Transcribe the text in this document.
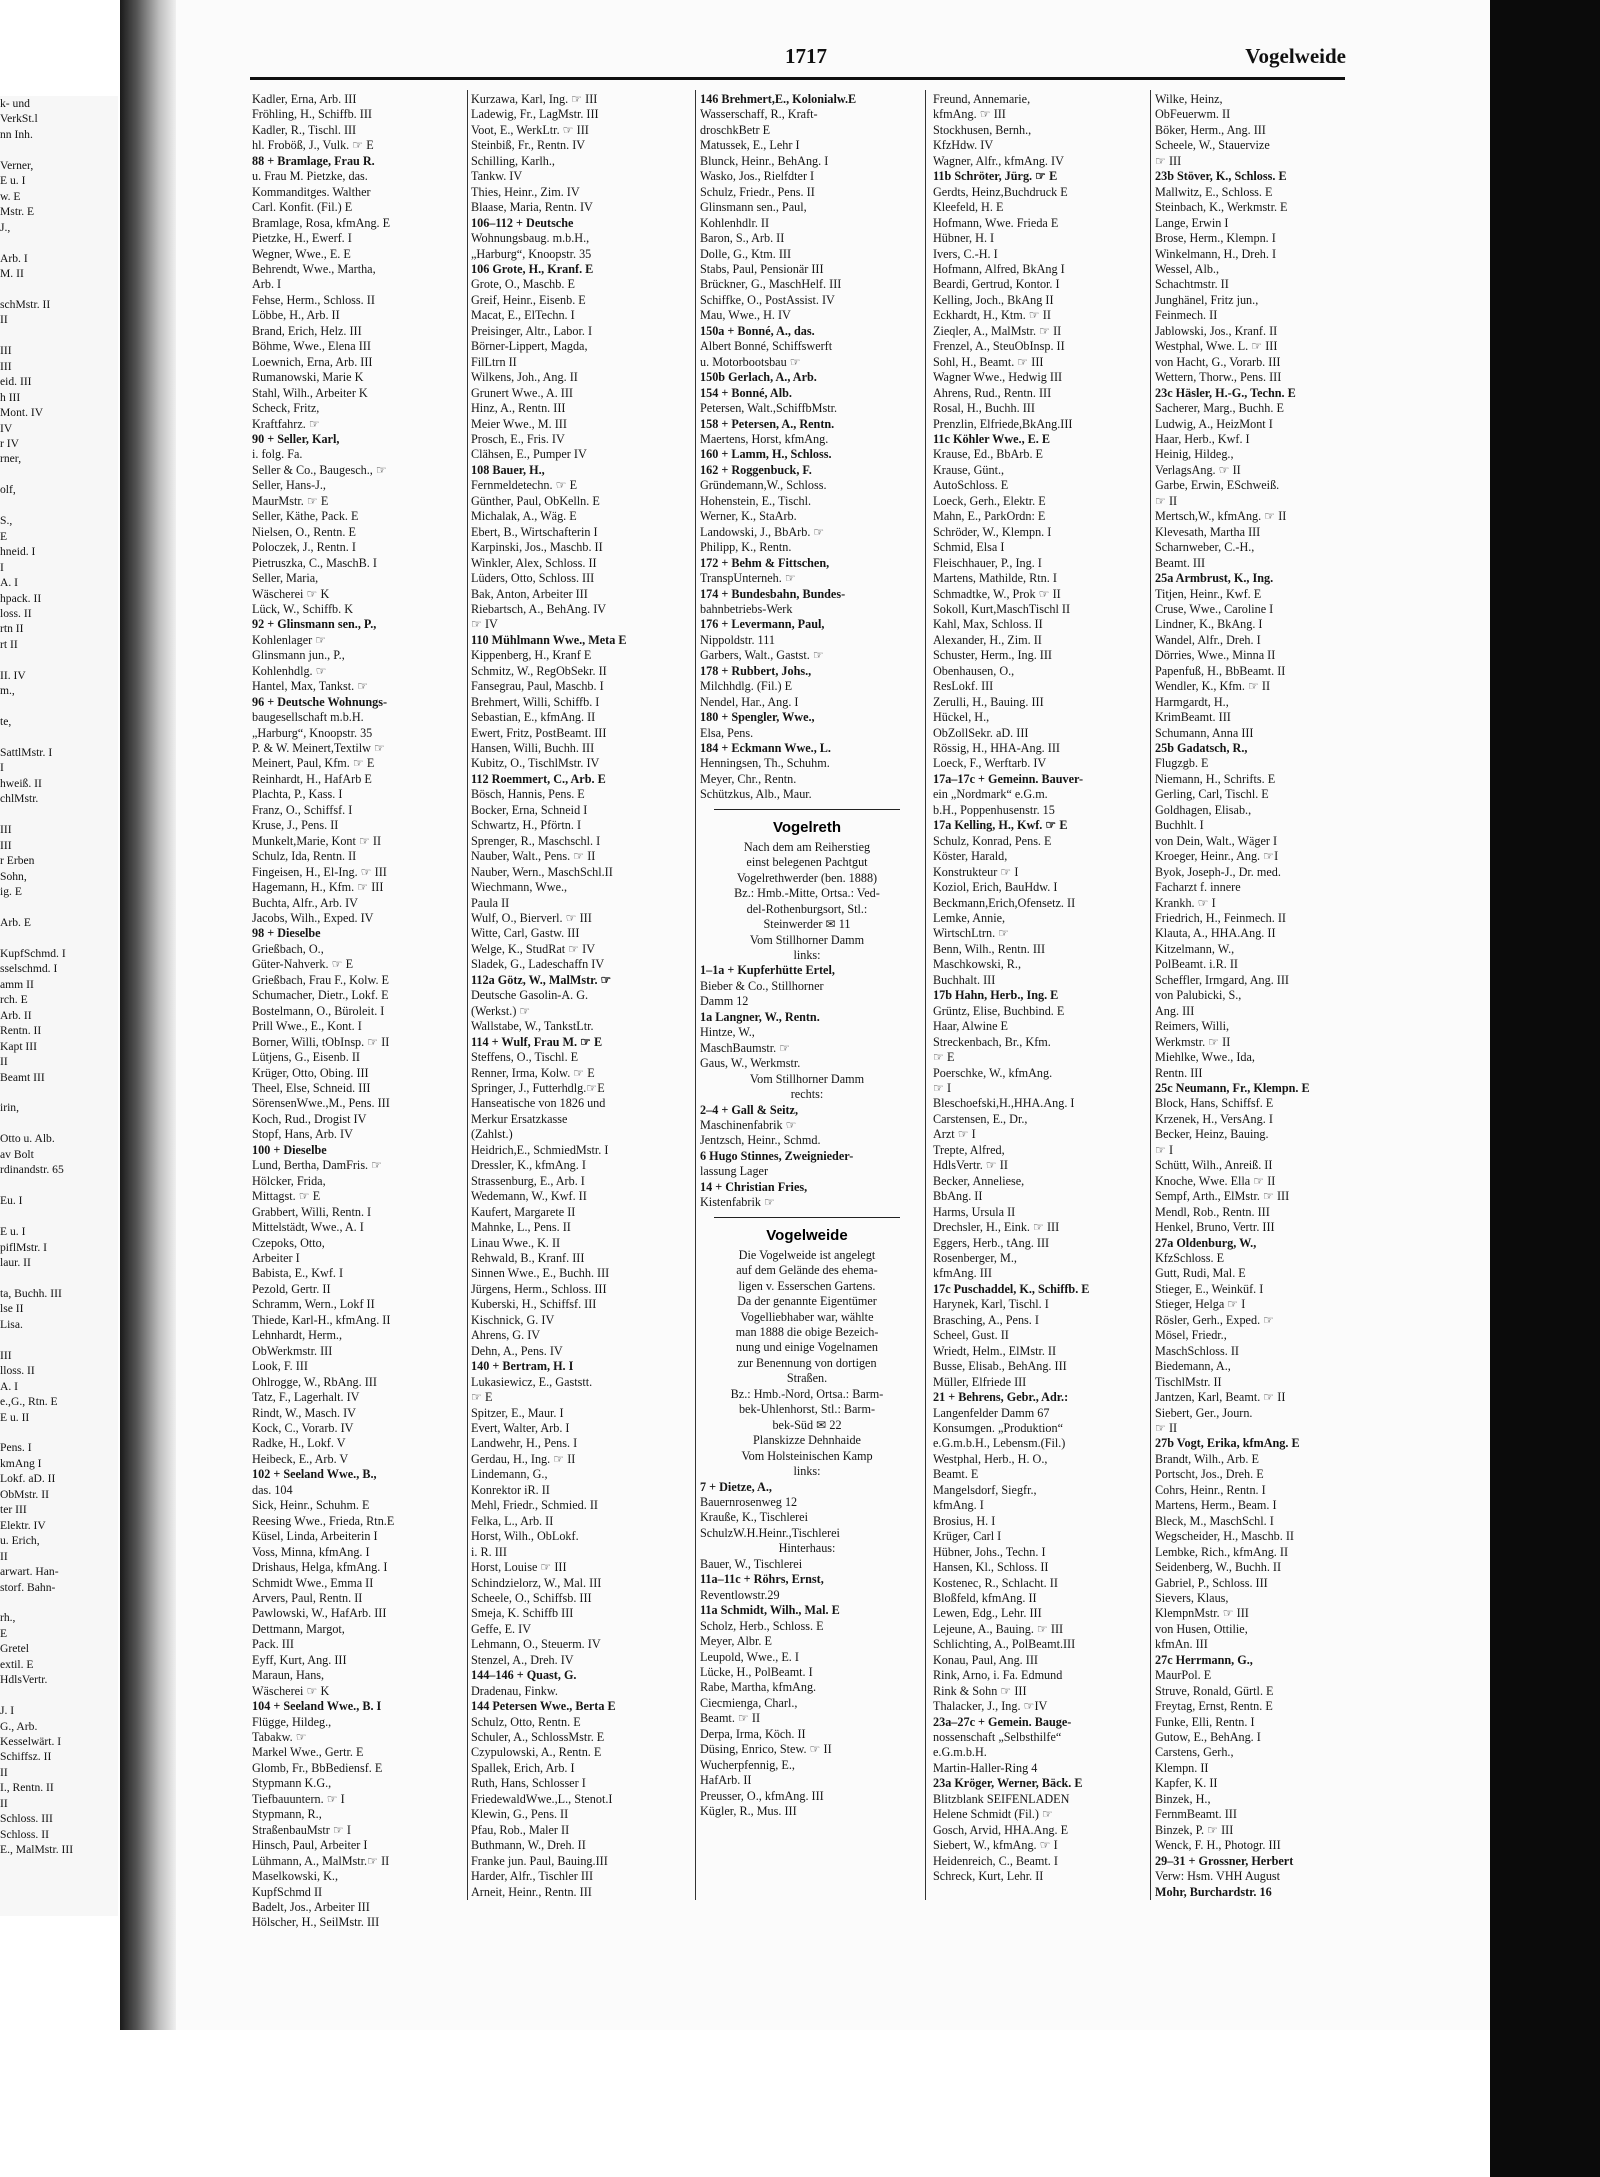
k- und
VerkSt.l
nn Inh.

Verner,
E u. I
w. E
Mstr. E
J.,

Arb. I
M. II

schMstr. II
II

III
III
eid. III
h III
Mont. IV
IV
r IV
rner,

olf,

S.,
E
hneid. I
I
A. I
hpack. II
loss. II
rtn II
rt II

II. IV
m.,

te,

SattlMstr. I
I
hweiß. II
chlMstr.

III
III
r Erben
Sohn,
ig. E

Arb. E

KupfSchmd. I
sselschmd. I
amm II
rch. E
Arb. II
Rentn. II
Kapt III
II
Beamt III

irin,

Otto u. Alb.
av Bolt
rdinandstr. 65

Eu. I

E u. I
piflMstr. I
laur. II

ta, Buchh. III
lse II
Lisa.

III
lloss. II
A. I
e.,G., Rtn. E
E u. II

Pens. I
kmAng I
Lokf. aD. II
ObMstr. II
ter III
Elektr. IV
u. Erich,
II
arwart. Han-
storf. Bahn-

rh.,
E
Gretel
extil. E
HdlsVertr.

J. I
G., Arb.
Kesselwärt. I
Schiffsz. II
II
I., Rentn. II
II
Schloss. III
Schloss. II
E., MalMstr. III
1717	Vogelweide
Kadler, Erna, Arb. III
Fröhling, H., Schiffb. III
Kadler, R., Tischl. III
hl. Froböß, J., Vulk. ☞ E
88 + Bramlage, Frau R.
u. Frau M. Pietzke, das.
Kommanditges. Walther
Carl. Konfit. (Fil.) E
Bramlage, Rosa, kfmAng. E
Pietzke, H., Ewerf. I
Wegner, Wwe., E. E
Behrendt, Wwe., Martha,
Arb. I
Fehse, Herm., Schloss. II
Löbbe, H., Arb. II
Brand, Erich, Helz. III
Böhme, Wwe., Elena III
Loewnich, Erna, Arb. III
Rumanowski, Marie K
Stahl, Wilh., Arbeiter K
Scheck, Fritz,
Kraftfahrz. ☞
90 + Seller, Karl,
i. folg. Fa.
Seller & Co., Baugesch., ☞
Seller, Hans-J.,
MaurMstr. ☞ E
Seller, Käthe, Pack. E
Nielsen, O., Rentn. E
Poloczek, J., Rentn. I
Pietruszka, C., MaschB. I
Seller, Maria,
Wäscherei ☞ K
Lück, W., Schiffb. K
92 + Glinsmann sen., P.,
Kohlenlager ☞
Glinsmann jun., P.,
Kohlenhdlg. ☞
Hantel, Max, Tankst. ☞
96 + Deutsche Wohnungs-
baugesellschaft m.b.H.
„Harburg“, Knoopstr. 35
P. & W. Meinert,Textilw ☞
Meinert, Paul, Kfm. ☞ E
Reinhardt, H., HafArb E
Plachta, P., Kass. I
Franz, O., Schiffsf. I
Kruse, J., Pens. II
Munkelt,Marie, Kont ☞ II
Schulz, Ida, Rentn. II
Fingeisen, H., El-Ing. ☞ III
Hagemann, H., Kfm. ☞ III
Buchta, Alfr., Arb. IV
Jacobs, Wilh., Exped. IV
98 + Dieselbe
Grießbach, O.,
Güter-Nahverk. ☞ E
Grießbach, Frau F., Kolw. E
Schumacher, Dietr., Lokf. E
Bostelmann, O., Büroleit. I
Prill Wwe., E., Kont. I
Borner, Willi, tObInsp. ☞ II
Lütjens, G., Eisenb. II
Krüger, Otto, Obing. III
Theel, Else, Schneid. III
SörensenWwe.,M., Pens. III
Koch, Rud., Drogist IV
Stopf, Hans, Arb. IV
100 + Dieselbe
Lund, Bertha, DamFris. ☞
Hölcker, Frida,
Mittagst. ☞ E
Grabbert, Willi, Rentn. I
Mittelstädt, Wwe., A. I
Czepoks, Otto,
Arbeiter I
Babista, E., Kwf. I
Pezold, Gertr. II
Schramm, Wern., Lokf II
Thiede, Karl-H., kfmAng. II
Lehnhardt, Herm.,
ObWerkmstr. III
Look, F. III
Ohlrogge, W., RbAng. III
Tatz, F., Lagerhalt. IV
Rindt, W., Masch. IV
Kock, C., Vorarb. IV
Radke, H., Lokf. V
Heibeck, E., Arb. V
102 + Seeland Wwe., B.,
das. 104
Sick, Heinr., Schuhm. E
Reesing Wwe., Frieda, Rtn.E
Küsel, Linda, Arbeiterin I
Voss, Minna, kfmAng. I
Drishaus, Helga, kfmAng. I
Schmidt Wwe., Emma II
Arvers, Paul, Rentn. II
Pawlowski, W., HafArb. III
Dettmann, Margot,
Pack. III
Eyff, Kurt, Ang. III
Maraun, Hans,
Wäscherei ☞ K
104 + Seeland Wwe., B. I
Flügge, Hildeg.,
Tabakw. ☞
Markel Wwe., Gertr. E
Glomb, Fr., BbBediensf. E
Stypmann K.G.,
Tiefbauuntern. ☞ I
Stypmann, R.,
StraßenbauMstr ☞ I
Hinsch, Paul, Arbeiter I
Lühmann, A., MalMstr.☞ II
Maselkowski, K.,
KupfSchmd II
Badelt, Jos., Arbeiter III
Hölscher, H., SeilMstr. III
Kurzawa, Karl, Ing. ☞ III
Ladewig, Fr., LagMstr. III
Voot, E., WerkLtr. ☞ III
Steinbiß, Fr., Rentn. IV
Schilling, Karlh.,
Tankw. IV
Thies, Heinr., Zim. IV
Blaase, Maria, Rentn. IV
106–112 + Deutsche
Wohnungsbaug. m.b.H.,
„Harburg“, Knoopstr. 35
106 Grote, H., Kranf. E
Grote, O., Maschb. E
Greif, Heinr., Eisenb. E
Macat, E., ElTechn. I
Preisinger, Altr., Labor. I
Börner-Lippert, Magda,
FilLtrn II
Wilkens, Joh., Ang. II
Grunert Wwe., A. III
Hinz, A., Rentn. III
Meier Wwe., M. III
Prosch, E., Fris. IV
Clähsen, E., Pumper IV
108 Bauer, H.,
Fernmeldetechn. ☞ E
Günther, Paul, ObKelln. E
Michalak, A., Wäg. E
Ebert, B., Wirtschafterin I
Karpinski, Jos., Maschb. II
Winkler, Alex, Schloss. II
Lüders, Otto, Schloss. III
Bak, Anton, Arbeiter III
Riebartsch, A., BehAng. IV
☞ IV
110 Mühlmann Wwe., Meta E
Kippenberg, H., Kranf E
Schmitz, W., RegObSekr. II
Fansegrau, Paul, Maschb. I
Brehmert, Willi, Schiffb. I
Sebastian, E., kfmAng. II
Ewert, Fritz, PostBeamt. III
Hansen, Willi, Buchh. III
Kubitz, O., TischlMstr. IV
112 Roemmert, C., Arb. E
Bösch, Hannis, Pens. E
Bocker, Erna, Schneid I
Schwartz, H., Pförtn. I
Sprenger, R., Maschschl. I
Nauber, Walt., Pens. ☞ II
Nauber, Wern., MaschSchl.II
Wiechmann, Wwe.,
Paula II
Wulf, O., Bierverl. ☞ III
Witte, Carl, Gastw. III
Welge, K., StudRat ☞ IV
Sladek, G., Ladeschaffn IV
112a Götz, W., MalMstr. ☞
Deutsche Gasolin-A. G.
(Werkst.) ☞
Wallstabe, W., TankstLtr.
114 + Wulf, Frau M. ☞ E
Steffens, O., Tischl. E
Renner, Irma, Kolw. ☞ E
Springer, J., Futterhdlg.☞E
Hanseatische von 1826 und
Merkur Ersatzkasse
(Zahlst.)
Heidrich,E., SchmiedMstr. I
Dressler, K., kfmAng. I
Strassenburg, E., Arb. I
Wedemann, W., Kwf. II
Kaufert, Margarete II
Mahnke, L., Pens. II
Linau Wwe., K. II
Rehwald, B., Kranf. III
Sinnen Wwe., E., Buchh. III
Jürgens, Herm., Schloss. III
Kuberski, H., Schiffsf. III
Kischnick, G. IV
Ahrens, G. IV
Dehn, A., Pens. IV
140 + Bertram, H. I
Lukasiewicz, E., Gaststt.
☞ E
Spitzer, E., Maur. I
Evert, Walter, Arb. I
Landwehr, H., Pens. I
Gerdau, H., Ing. ☞ II
Lindemann, G.,
Konrektor iR. II
Mehl, Friedr., Schmied. II
Felka, L., Arb. II
Horst, Wilh., ObLokf.
i. R. III
Horst, Louise ☞ III
Schindzielorz, W., Mal. III
Scheele, O., Schiffsb. III
Smeja, K. Schiffb III
Geffe, E. IV
Lehmann, O., Steuerm. IV
Stenzel, A., Dreh. IV
144–146 + Quast, G.
Dradenau, Finkw.
144 Petersen Wwe., Berta E
Schulz, Otto, Rentn. E
Schuler, A., SchlossMstr. E
Czypulowski, A., Rentn. E
Spallek, Erich, Arb. I
Ruth, Hans, Schlosser I
FriedewaldWwe.,L., Stenot.I
Klewin, G., Pens. II
Pfau, Rob., Maler II
Buthmann, W., Dreh. II
Franke jun. Paul, Bauing.III
Harder, Alfr., Tischler III
Arneit, Heinr., Rentn. III
146 Brehmert,E., Kolonialw.E
Wasserschaff, R., Kraft-
droschkBetr E
Matussek, E., Lehr I
Blunck, Heinr., BehAng. I
Wasko, Jos., Rielfdter I
Schulz, Friedr., Pens. II
Glinsmann sen., Paul,
Kohlenhdlr. II
Baron, S., Arb. II
Dolle, G., Ktm. III
Stabs, Paul, Pensionär III
Brückner, G., MaschHelf. III
Schiffke, O., PostAssist. IV
Mau, Wwe., H. IV
150a + Bonné, A., das.
Albert Bonné, Schiffswerft
u. Motorbootsbau ☞
150b Gerlach, A., Arb.
154 + Bonné, Alb.
Petersen, Walt.,SchiffbMstr.
158 + Petersen, A., Rentn.
Maertens, Horst, kfmAng.
160 + Lamm, H., Schloss.
162 + Roggenbuck, F.
Gründemann,W., Schloss.
Hohenstein, E., Tischl.
Werner, K., StaArb.
Landowski, J., BbArb. ☞
Philipp, K., Rentn.
172 + Behm & Fittschen,
TranspUnterneh. ☞
174 + Bundesbahn, Bundes-
bahnbetriebs-Werk
176 + Levermann, Paul,
Nippoldstr. 111
Garbers, Walt., Gastst. ☞
178 + Rubbert, Johs.,
Milchhdlg. (Fil.) E
Nendel, Har., Ang. I
180 + Spengler, Wwe.,
Elsa, Pens.
184 + Eckmann Wwe., L.
Henningsen, Th., Schuhm.
Meyer, Chr., Rentn.
Schützkus, Alb., Maur.
Vogelreth
Nach dem am Reiherstieg
einst belegenen Pachtgut
Vogelrethwerder (ben. 1888)
Bz.: Hmb.-Mitte, Ortsa.: Ved-
del-Rothenburgsort, Stl.:
Steinwerder ✉ 11
Vom Stillhorner Damm
links:
1–1a + Kupferhütte Ertel,
Bieber & Co., Stillhorner
Damm 12
1a Langner, W., Rentn.
Hintze, W.,
MaschBaumstr. ☞
Gaus, W., Werkmstr.
Vom Stillhorner Damm
rechts:
2–4 + Gall & Seitz,
Maschinenfabrik ☞
Jentzsch, Heinr., Schmd.
6 Hugo Stinnes, Zweignieder-
lassung Lager
14 + Christian Fries,
Kistenfabrik ☞
Vogelweide
Die Vogelweide ist angelegt
auf dem Gelände des ehema-
ligen v. Esserschen Gartens.
Da der genannte Eigentümer
Vogelliebhaber war, wählte
man 1888 die obige Bezeich-
nung und einige Vogelnamen
zur Benennung von dortigen
Straßen.
Bz.: Hmb.-Nord, Ortsa.: Barm-
bek-Uhlenhorst, Stl.: Barm-
bek-Süd ✉ 22
Planskizze Dehnhaide
Vom Holsteinischen Kamp
links:
7 + Dietze, A.,
Bauernrosenweg 12
Krauße, K., Tischlerei
SchulzW.H.Heinr.,Tischlerei
Hinterhaus:
Bauer, W., Tischlerei
11a–11c + Röhrs, Ernst,
Reventlowstr.29
11a Schmidt, Wilh., Mal. E
Scholz, Herb., Schloss. E
Meyer, Albr. E
Leupold, Wwe., E. I
Lücke, H., PolBeamt. I
Rabe, Martha, kfmAng.
Ciecmienga, Charl.,
Beamt. ☞ II
Derpa, Irma, Köch. II
Düsing, Enrico, Stew. ☞ II
Wucherpfennig, E.,
HafArb. II
Preusser, O., kfmAng. III
Kügler, R., Mus. III
Freund, Annemarie,
kfmAng. ☞ III
Stockhusen, Bernh.,
KfzHdw. IV
Wagner, Alfr., kfmAng. IV
11b Schröter, Jürg. ☞ E
Gerdts, Heinz,Buchdruck E
Kleefeld, H. E
Hofmann, Wwe. Frieda E
Hübner, H. I
Ivers, C.-H. I
Hofmann, Alfred, BkAng I
Beardi, Gertrud, Kontor. I
Kelling, Joch., BkAng II
Eckhardt, H., Ktm. ☞ II
Zieqler, A., MalMstr. ☞ II
Frenzel, A., SteuObInsp. II
Sohl, H., Beamt. ☞ III
Wagner Wwe., Hedwig III
Ahrens, Rud., Rentn. III
Rosal, H., Buchh. III
Prenzlin, Elfriede,BkAng.III
11c Köhler Wwe., E. E
Krause, Ed., BbArb. E
Krause, Günt.,
AutoSchloss. E
Loeck, Gerh., Elektr. E
Mahn, E., ParkOrdn: E
Schröder, W., Klempn. I
Schmid, Elsa I
Fleischhauer, P., Ing. I
Martens, Mathilde, Rtn. I
Schmadtke, W., Prok ☞ II
Sokoll, Kurt,MaschTischl II
Kahl, Max, Schloss. II
Alexander, H., Zim. II
Schuster, Herm., Ing. III
Obenhausen, O.,
ResLokf. III
Zerulli, H., Bauing. III
Hückel, H.,
ObZollSekr. aD. III
Rössig, H., HHA-Ang. III
Loeck, F., Werftarb. IV
17a–17c + Gemeinn. Bauver-
ein „Nordmark“ e.G.m.
b.H., Poppenhusenstr. 15
17a Kelling, H., Kwf. ☞ E
Schulz, Konrad, Pens. E
Köster, Harald,
Konstrukteur ☞ I
Koziol, Erich, BauHdw. I
Beckmann,Erich,Ofensetz. II
Lemke, Annie,
WirtschLtrn. ☞
Benn, Wilh., Rentn. III
Maschkowski, R.,
Buchhalt. III
17b Hahn, Herb., Ing. E
Grüntz, Elise, Buchbind. E
Haar, Alwine E
Streckenbach, Br., Kfm.
☞ E
Poerschke, W., kfmAng.
☞ I
Bleschoefski,H.,HHA.Ang. I
Carstensen, E., Dr.,
Arzt ☞ I
Trepte, Alfred,
HdlsVertr. ☞ II
Becker, Anneliese,
BbAng. II
Harms, Ursula II
Drechsler, H., Eink. ☞ III
Eggers, Herb., tAng. III
Rosenberger, M.,
kfmAng. III
17c Puschaddel, K., Schiffb. E
Harynek, Karl, Tischl. I
Brasching, A., Pens. I
Scheel, Gust. II
Wriedt, Helm., ElMstr. II
Busse, Elisab., BehAng. III
Müller, Elfriede III
21 + Behrens, Gebr., Adr.:
Langenfelder Damm 67
Konsumgen. „Produktion“
e.G.m.b.H., Lebensm.(Fil.)
Westphal, Herb., H. O.,
Beamt. E
Mangelsdorf, Siegfr.,
kfmAng. I
Brosius, H. I
Krüger, Carl I
Hübner, Johs., Techn. I
Hansen, Kl., Schloss. II
Kostenec, R., Schlacht. II
Bloßfeld, kfmAng. II
Lewen, Edg., Lehr. III
Lejeune, A., Bauing. ☞ III
Schlichting, A., PolBeamt.III
Konau, Paul, Ang. III
Rink, Arno, i. Fa. Edmund
Rink & Sohn ☞ III
Thalacker, J., Ing. ☞IV
23a–27c + Gemein. Bauge-
nossenschaft „Selbsthilfe“
e.G.m.b.H.
Martin-Haller-Ring 4
23a Kröger, Werner, Bäck. E
Blitzblank SEIFENLADEN
Helene Schmidt (Fil.) ☞
Gosch, Arvid, HHA.Ang. E
Siebert, W., kfmAng. ☞ I
Heidenreich, C., Beamt. I
Schreck, Kurt, Lehr. II
Wilke, Heinz,
ObFeuerwm. II
Böker, Herm., Ang. III
Scheele, W., Stauervize
☞ III
23b Stöver, K., Schloss. E
Mallwitz, E., Schloss. E
Steinbach, K., Werkmstr. E
Lange, Erwin I
Brose, Herm., Klempn. I
Winkelmann, H., Dreh. I
Wessel, Alb.,
Schachtmstr. II
Junghänel, Fritz jun.,
Feinmech. II
Jablowski, Jos., Kranf. II
Westphal, Wwe. L. ☞ III
von Hacht, G., Vorarb. III
Wettern, Thorw., Pens. III
23c Häsler, H.-G., Techn. E
Sacherer, Marg., Buchh. E
Ludwig, A., HeizMont I
Haar, Herb., Kwf. I
Heinig, Hildeg.,
VerlagsAng. ☞ II
Garbe, Erwin, ESchweiß.
☞ II
Mertsch,W., kfmAng. ☞ II
Klevesath, Martha III
Scharnweber, C.-H.,
Beamt. III
25a Armbrust, K., Ing.
Titjen, Heinr., Kwf. E
Cruse, Wwe., Caroline I
Lindner, K., BkAng. I
Wandel, Alfr., Dreh. I
Dörries, Wwe., Minna II
Papenfuß, H., BbBeamt. II
Wendler, K., Kfm. ☞ II
Harmgardt, H.,
KrimBeamt. III
Schumann, Anna III
25b Gadatsch, R.,
Flugzgb. E
Niemann, H., Schrifts. E
Gerling, Carl, Tischl. E
Goldhagen, Elisab.,
Buchhlt. I
von Dein, Walt., Wäger I
Kroeger, Heinr., Ang. ☞I
Byok, Joseph-J., Dr. med.
Facharzt f. innere
Krankh. ☞ I
Friedrich, H., Feinmech. II
Klauta, A., HHA.Ang. II
Kitzelmann, W.,
PolBeamt. i.R. II
Scheffler, Irmgard, Ang. III
von Palubicki, S.,
Ang. III
Reimers, Willi,
Werkmstr. ☞ II
Miehlke, Wwe., Ida,
Rentn. III
25c Neumann, Fr., Klempn. E
Block, Hans, Schiffsf. E
Krzenek, H., VersAng. I
Becker, Heinz, Bauing.
☞ I
Schütt, Wilh., Anreiß. II
Knoche, Wwe. Ella ☞ II
Sempf, Arth., ElMstr. ☞ III
Mendl, Rob., Rentn. III
Henkel, Bruno, Vertr. III
27a Oldenburg, W.,
KfzSchloss. E
Gutt, Rudi, Mal. E
Stieger, E., Weinküf. I
Stieger, Helga ☞ I
Rösler, Gerh., Exped. ☞
Mösel, Friedr.,
MaschSchloss. II
Biedemann, A.,
TischlMstr. II
Jantzen, Karl, Beamt. ☞ II
Siebert, Ger., Journ.
☞ II
27b Vogt, Erika, kfmAng. E
Brandt, Wilh., Arb. E
Portscht, Jos., Dreh. E
Cohrs, Heinr., Rentn. I
Martens, Herm., Beam. I
Bleck, M., MaschSchl. I
Wegscheider, H., Maschb. II
Lembke, Rich., kfmAng. II
Seidenberg, W., Buchh. II
Gabriel, P., Schloss. III
Sievers, Klaus,
KlempnMstr. ☞ III
von Husen, Ottilie,
kfmAn. III
27c Herrmann, G.,
MaurPol. E
Struve, Ronald, Gürtl. E
Freytag, Ernst, Rentn. E
Funke, Elli, Rentn. I
Gutow, E., BehAng. I
Carstens, Gerh.,
Klempn. II
Kapfer, K. II
Binzek, H.,
FernmBeamt. III
Binzek, P. ☞ III
Wenck, F. H., Photogr. III
29–31 + Grossner, Herbert
Verw: Hsm. VHH August
Mohr, Burchardstr. 16
